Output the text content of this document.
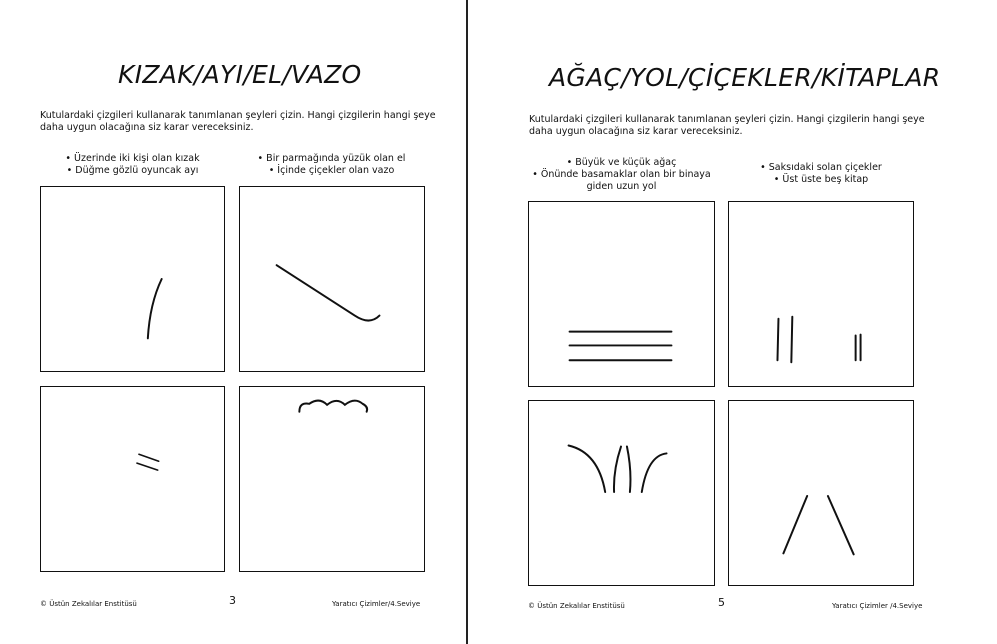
KIZAK/AYI/EL/VAZO
Kutulardaki çizgileri kullanarak tanımlanan şeyleri çizin. Hangi çizgilerin hangi şeye
daha uygun olacağına siz karar vereceksiniz.
• Üzerinde iki kişi olan kızak
• Düğme gözlü oyuncak ayı
• Bir parmağında yüzük olan el
• İçinde çiçekler olan vazo
© Üstün Zekalılar Enstitüsü	3	Yaratıcı Çizimler/4.Seviye
AĞAÇ/YOL/ÇİÇEKLER/KİTAPLAR
Kutulardaki çizgileri kullanarak tanımlanan şeyleri çizin. Hangi çizgilerin hangi şeye
daha uygun olacağına siz karar vereceksiniz.
• Büyük ve küçük ağaç
• Önünde basamaklar olan bir binaya
giden uzun yol
• Saksıdaki solan çiçekler
• Üst üste beş kitap
© Üstün Zekalılar Enstitüsü	5	Yaratıcı Çizimler /4.Seviye
